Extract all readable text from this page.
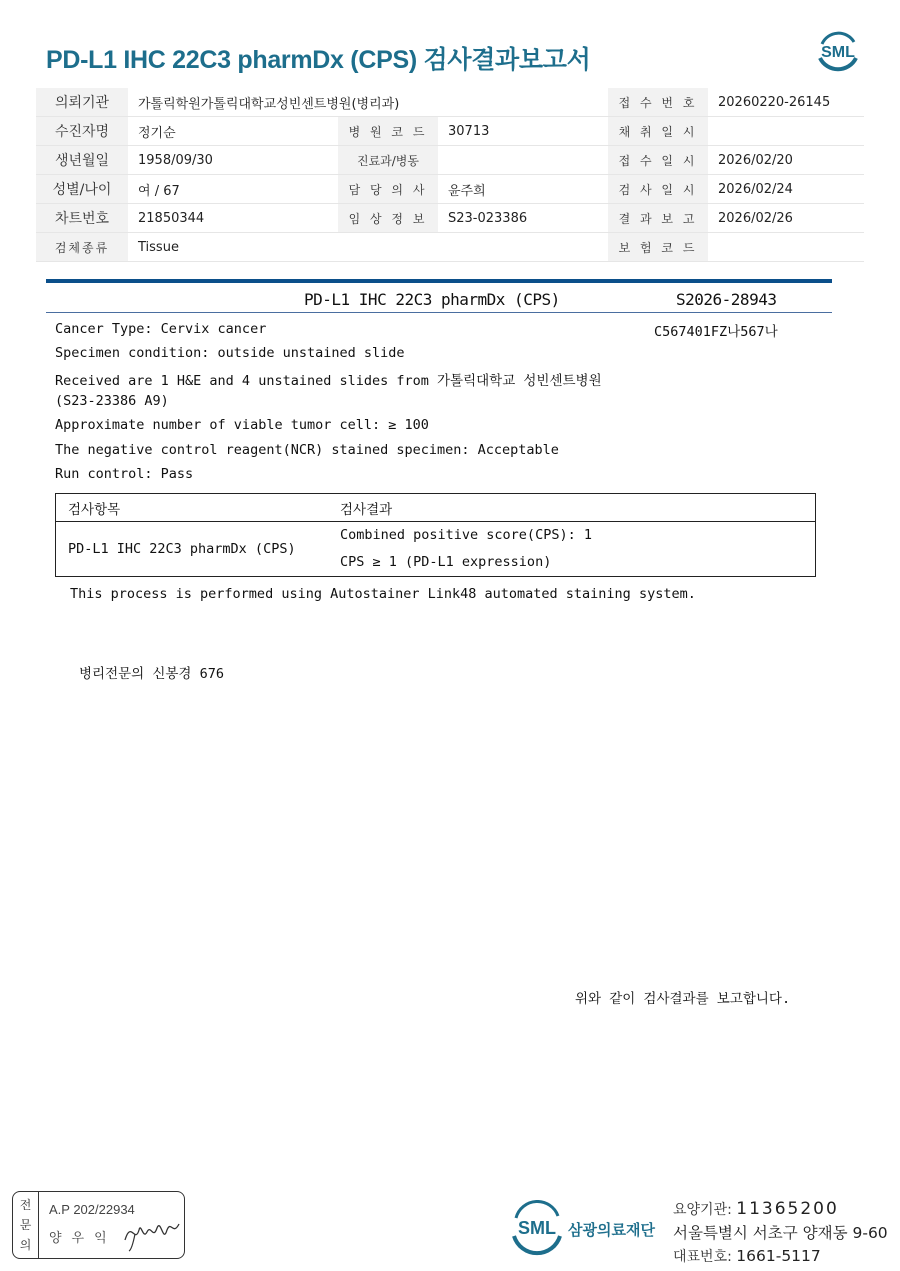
PD-L1 IHC 22C3 pharmDx (CPS) 검사결과보고서	SML
의뢰기관	가톨릭학원가톨릭대학교성빈센트병원(병리과)			접 수 번 호	20260220-26145
수진자명	정기순	병 원 코 드	30713	채 취 일 시	
생년월일	1958/09/30	진료과/병동		접 수 일 시	2026/02/20
성별/나이	여 / 67	담 당 의 사	윤주희	검 사 일 시	2026/02/24
차트번호	21850344	임 상 정 보	S23-023386	결 과 보 고	2026/02/26
검체종류	Tissue			보 험 코 드	
PD-L1 IHC 22C3 pharmDx (CPS)	S2026-28943
C567401FZ나567나
Cancer Type: Cervix cancer
Specimen condition: outside unstained slide
Received are 1 H&E and 4 unstained slides from 가톨릭대학교 성빈센트병원
(S23-23386 A9)
Approximate number of viable tumor cell: ≥ 100
The negative control reagent(NCR) stained specimen: Acceptable
Run control: Pass
검사항목	검사결과
PD-L1 IHC 22C3 pharmDx (CPS)	Combined positive score(CPS): 1
CPS ≥ 1 (PD-L1 expression)
This process is performed using Autostainer Link48 automated staining system.
병리전문의 신봉경 676
위와 같이 검사결과를 보고합니다.
전문의
A.P 202/22934
양우익
SML 삼광의료재단
요양기관: 11365200
서울특별시 서초구 양재동 9-60
대표번호: 1661-5117
